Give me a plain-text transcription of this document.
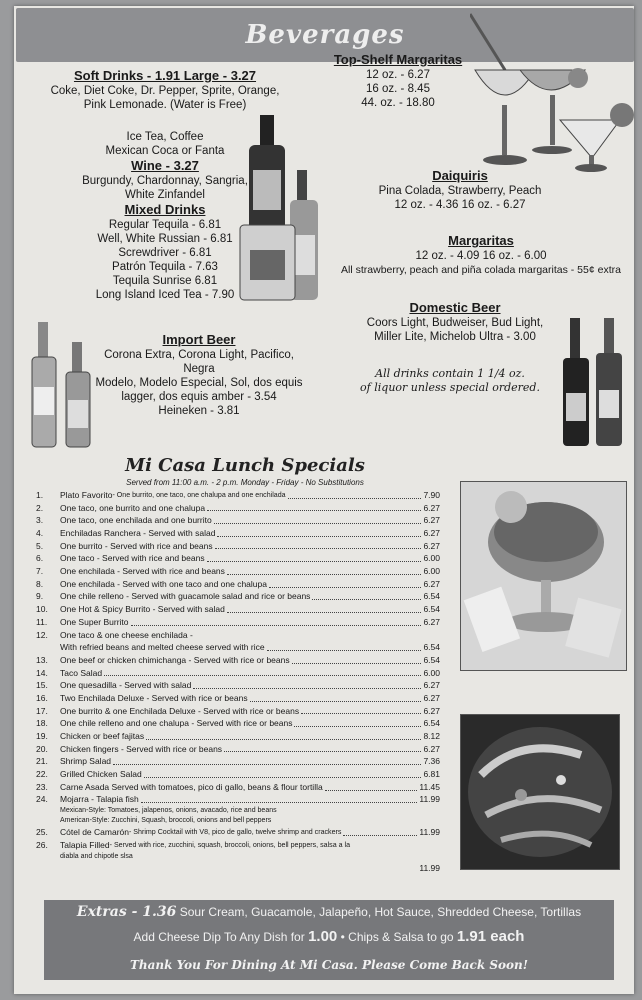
Beverages
Soft Drinks - 1.91 Large - 3.27
Coke, Diet Coke, Dr. Pepper, Sprite, Orange,
Pink Lemonade. (Water is Free)
Ice Tea, Coffee
Mexican Coca or Fanta
Wine - 3.27
Burgundy, Chardonnay, Sangria,
White Zinfandel
Mixed Drinks
Regular Tequila - 6.81
Well, White Russian - 6.81
Screwdriver - 6.81
Patrón Tequila - 7.63
Tequila Sunrise 6.81
Long Island Iced Tea - 7.90
Top-Shelf Margaritas
12 oz. - 6.27
16 oz. - 8.45
44. oz. - 18.80
Daiquiris
Pina Colada, Strawberry, Peach
12 oz. - 4.36 16 oz. - 6.27
Margaritas
12 oz. - 4.09 16 oz. - 6.00
All strawberry, peach and piña colada margaritas - 55¢ extra
Import Beer
Corona Extra, Corona Light, Pacifico, Negra
Modelo, Modelo Especial, Sol, dos equis
lagger, dos equis amber - 3.54
Heineken - 3.81
Domestic Beer
Coors Light, Budweiser, Bud Light,
Miller Lite, Michelob Ultra - 3.00
All drinks contain 1 1/4 oz.
of liquor unless special ordered.
Mi Casa Lunch Specials
Served from 11:00 a.m. - 2 p.m. Monday - Friday - No Substitutions
1.	Plato Favorito - One burrito, one taco, one chalupa and one enchilada	7.90
2.	One taco, one burrito and one chalupa	6.27
3.	One taco, one enchilada and one burrito	6.27
4.	Enchiladas Ranchera - Served with salad	6.27
5.	One burrito - Served with rice and beans	6.27
6.	One taco - Served with rice and beans	6.00
7.	One enchilada - Served with rice and beans	6.00
8.	One enchilada - Served with one taco and one chalupa	6.27
9.	One chile relleno - Served with guacamole salad and rice or beans	6.54
10.	One Hot & Spicy Burrito - Served with salad	6.54
11.	One Super Burrito	6.27
12.	One taco & one cheese enchilada -
With refried beans and melted cheese served with rice	6.54
13.	One beef or chicken chimichanga - Served with rice or beans	6.54
14.	Taco Salad	6.00
15.	One quesadilla - Served with salad	6.27
16.	Two Enchilada Deluxe - Served with rice or beans	6.27
17.	One burrito & one Enchilada Deluxe - Served with rice or beans	6.27
18.	One chile relleno and one chalupa - Served with rice or beans	6.54
19.	Chicken or beef fajitas	8.12
20.	Chicken fingers - Served with rice or beans	6.27
21.	Shrimp Salad	7.36
22.	Grilled Chicken Salad	6.81
23.	Carne Asada Served with tomatoes, pico di gallo, beans & flour tortilla	11.45
24.	Mojarra - Talapia fish	11.99
Mexican-Style: Tomatoes, jalapenos, onions, avacado, rice and beans
American-Style: Zucchini, Squash, broccoli, onions and bell peppers
25.	Cótel de Camarón - Shrimp Cocktail with V8, pico de gallo, twelve shrimp and crackers	11.99
26.	Talapia Filled - Served with rice, zucchini, squash, broccoli, onions, bell peppers, salsa a la
diabla and chipotle slsa
11.99
Extras - 1.36 Sour Cream, Guacamole, Jalapeño, Hot Sauce, Shredded Cheese, Tortillas
Add Cheese Dip To Any Dish for 1.00 • Chips & Salsa to go 1.91 each
Thank You For Dining At Mi Casa. Please Come Back Soon!
